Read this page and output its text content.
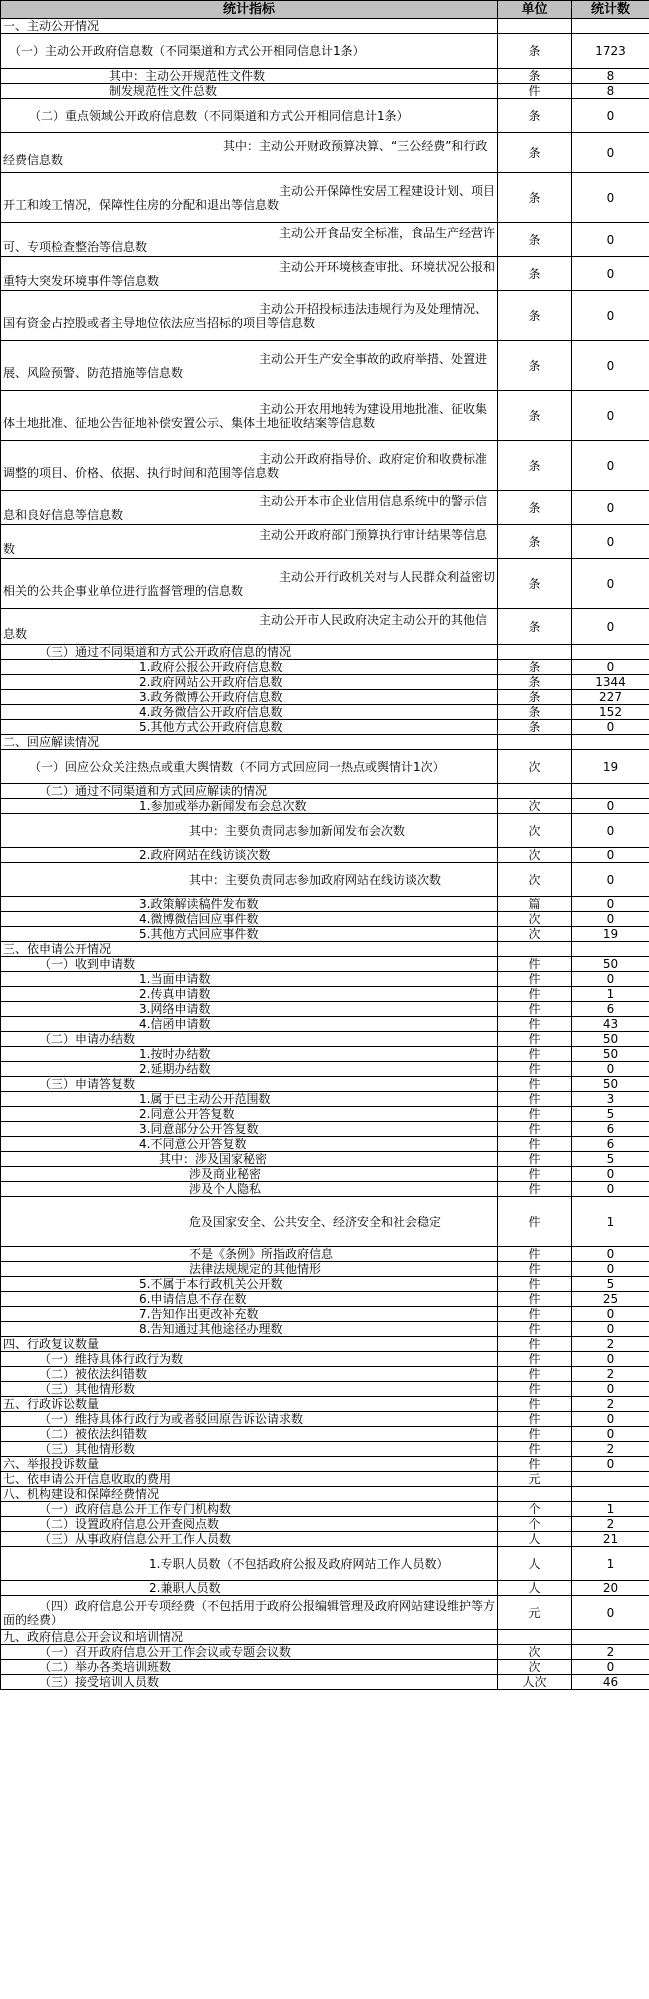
统计指标	单位	统计数
一、主动公开情况		
（一）主动公开政府信息数（不同渠道和方式公开相同信息计1条）	条	1723
其中：主动公开规范性文件数	条	8
制发规范性文件总数	件	8
（二）重点领域公开政府信息数（不同渠道和方式公开相同信息计1条）	条	0
其中：主动公开财政预算决算、“三公经费”和行政经费信息数	条	0
主动公开保障性安居工程建设计划、项目开工和竣工情况，保障性住房的分配和退出等信息数	条	0
主动公开食品安全标准，食品生产经营许可、专项检查整治等信息数	条	0
主动公开环境核查审批、环境状况公报和重特大突发环境事件等信息数	条	0
主动公开招投标违法违规行为及处理情况、国有资金占控股或者主导地位依法应当招标的项目等信息数	条	0
主动公开生产安全事故的政府举措、处置进展、风险预警、防范措施等信息数	条	0
主动公开农用地转为建设用地批准、征收集体土地批准、征地公告征地补偿安置公示、集体土地征收结案等信息数	条	0
主动公开政府指导价、政府定价和收费标准调整的项目、价格、依据、执行时间和范围等信息数	条	0
主动公开本市企业信用信息系统中的警示信息和良好信息等信息数	条	0
主动公开政府部门预算执行审计结果等信息数	条	0
主动公开行政机关对与人民群众利益密切相关的公共企事业单位进行监督管理的信息数	条	0
主动公开市人民政府决定主动公开的其他信息数	条	0
（三）通过不同渠道和方式公开政府信息的情况		
1.政府公报公开政府信息数	条	0
2.政府网站公开政府信息数	条	1344
3.政务微博公开政府信息数	条	227
4.政务微信公开政府信息数	条	152
5.其他方式公开政府信息数	条	0
二、回应解读情况		
（一）回应公众关注热点或重大舆情数（不同方式回应同一热点或舆情计1次）	次	19
（二）通过不同渠道和方式回应解读的情况		
1.参加或举办新闻发布会总次数	次	0
其中：主要负责同志参加新闻发布会次数	次	0
2.政府网站在线访谈次数	次	0
其中：主要负责同志参加政府网站在线访谈次数	次	0
3.政策解读稿件发布数	篇	0
4.微博微信回应事件数	次	0
5.其他方式回应事件数	次	19
三、依申请公开情况		
（一）收到申请数	件	50
1.当面申请数	件	0
2.传真申请数	件	1
3.网络申请数	件	6
4.信函申请数	件	43
（二）申请办结数	件	50
1.按时办结数	件	50
2.延期办结数	件	0
（三）申请答复数	件	50
1.属于已主动公开范围数	件	3
2.同意公开答复数	件	5
3.同意部分公开答复数	件	6
4.不同意公开答复数	件	6
其中：涉及国家秘密	件	5
涉及商业秘密	件	0
涉及个人隐私	件	0
危及国家安全、公共安全、经济安全和社会稳定	件	1
不是《条例》所指政府信息	件	0
法律法规规定的其他情形	件	0
5.不属于本行政机关公开数	件	5
6.申请信息不存在数	件	25
7.告知作出更改补充数	件	0
8.告知通过其他途径办理数	件	0
四、行政复议数量	件	2
（一）维持具体行政行为数	件	0
（二）被依法纠错数	件	2
（三）其他情形数	件	0
五、行政诉讼数量	件	2
（一）维持具体行政行为或者驳回原告诉讼请求数	件	0
（二）被依法纠错数	件	0
（三）其他情形数	件	2
六、举报投诉数量	件	0
七、依申请公开信息收取的费用	元	
八、机构建设和保障经费情况		
（一）政府信息公开工作专门机构数	个	1
（二）设置政府信息公开查阅点数	个	2
（三）从事政府信息公开工作人员数	人	21
1.专职人员数（不包括政府公报及政府网站工作人员数）	人	1
2.兼职人员数	人	20
（四）政府信息公开专项经费（不包括用于政府公报编辑管理及政府网站建设维护等方面的经费）	元	0
九、政府信息公开会议和培训情况		
（一）召开政府信息公开工作会议或专题会议数	次	2
（二）举办各类培训班数	次	0
（三）接受培训人员数	人次	46
